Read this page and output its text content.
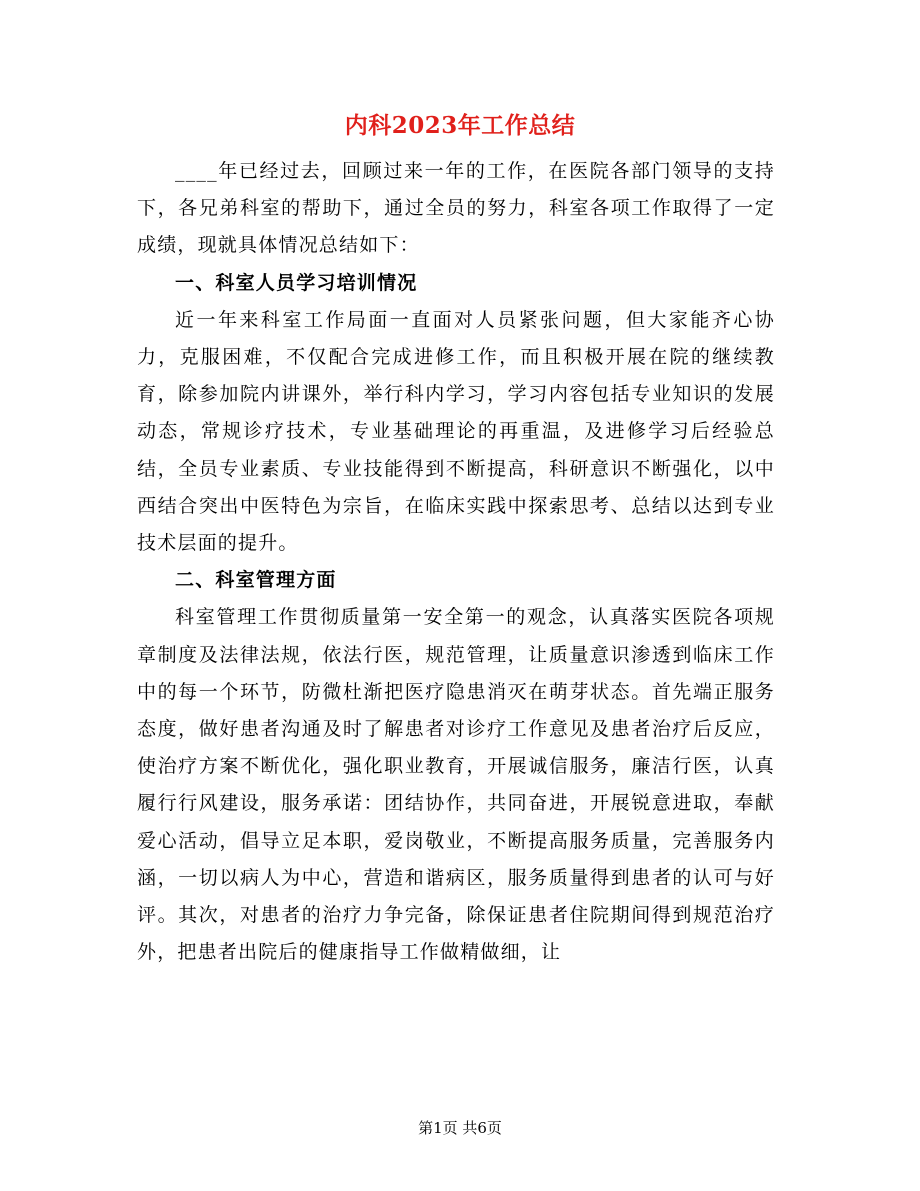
内科2023年工作总结

____年已经过去，回顾过来一年的工作，在医院各部门领导的支持下，各兄弟科室的帮助下，通过全员的努力，科室各项工作取得了一定成绩，现就具体情况总结如下：

一、科室人员学习培训情况

近一年来科室工作局面一直面对人员紧张问题，但大家能齐心协力，克服困难，不仅配合完成进修工作，而且积极开展在院的继续教育，除参加院内讲课外，举行科内学习，学习内容包括专业知识的发展动态，常规诊疗技术，专业基础理论的再重温，及进修学习后经验总结，全员专业素质、专业技能得到不断提高，科研意识不断强化，以中西结合突出中医特色为宗旨，在临床实践中探索思考、总结以达到专业技术层面的提升。

二、科室管理方面

科室管理工作贯彻质量第一安全第一的观念，认真落实医院各项规章制度及法律法规，依法行医，规范管理，让质量意识渗透到临床工作中的每一个环节，防微杜渐把医疗隐患消灭在萌芽状态。首先端正服务态度，做好患者沟通及时了解患者对诊疗工作意见及患者治疗后反应，使治疗方案不断优化，强化职业教育，开展诚信服务，廉洁行医，认真履行行风建设，服务承诺：团结协作，共同奋进，开展锐意进取，奉献爱心活动，倡导立足本职，爱岗敬业，不断提高服务质量，完善服务内涵，一切以病人为中心，营造和谐病区，服务质量得到患者的认可与好评。其次，对患者的治疗力争完备，除保证患者住院期间得到规范治疗外，把患者出院后的健康指导工作做精做细，让

第1页 共6页
